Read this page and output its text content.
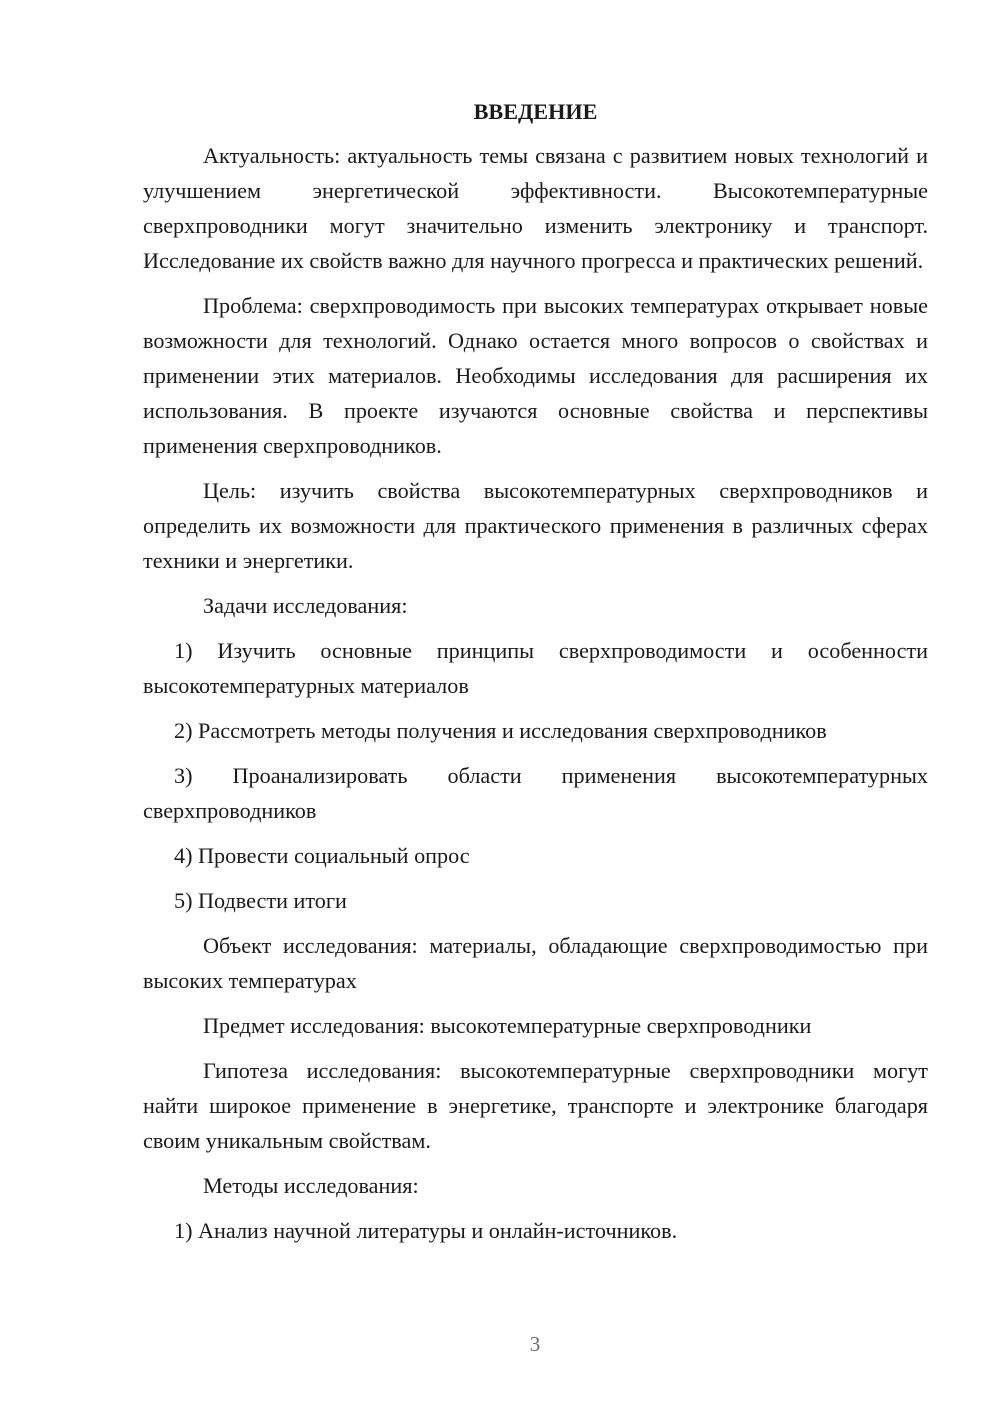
ВВЕДЕНИЕ

Актуальность: актуальность темы связана с развитием новых технологий и улучшением энергетической эффективности. Высокотемпературные сверхпроводники могут значительно изменить электронику и транспорт. Исследование их свойств важно для научного прогресса и практических решений.

Проблема: сверхпроводимость при высоких температурах открывает новые возможности для технологий. Однако остается много вопросов о свойствах и применении этих материалов. Необходимы исследования для расширения их использования. В проекте изучаются основные свойства и перспективы применения сверхпроводников.

Цель: изучить свойства высокотемпературных сверхпроводников и определить их возможности для практического применения в различных сферах техники и энергетики.

Задачи исследования:

1) Изучить основные принципы сверхпроводимости и особенности высокотемпературных материалов

2) Рассмотреть методы получения и исследования сверхпроводников

3) Проанализировать области применения высокотемпературных сверхпроводников

4) Провести социальный опрос

5) Подвести итоги

Объект исследования: материалы, обладающие сверхпроводимостью при высоких температурах

Предмет исследования: высокотемпературные сверхпроводники

Гипотеза исследования: высокотемпературные сверхпроводники могут найти широкое применение в энергетике, транспорте и электронике благодаря своим уникальным свойствам.

Методы исследования:

1) Анализ научной литературы и онлайн-источников.

3
